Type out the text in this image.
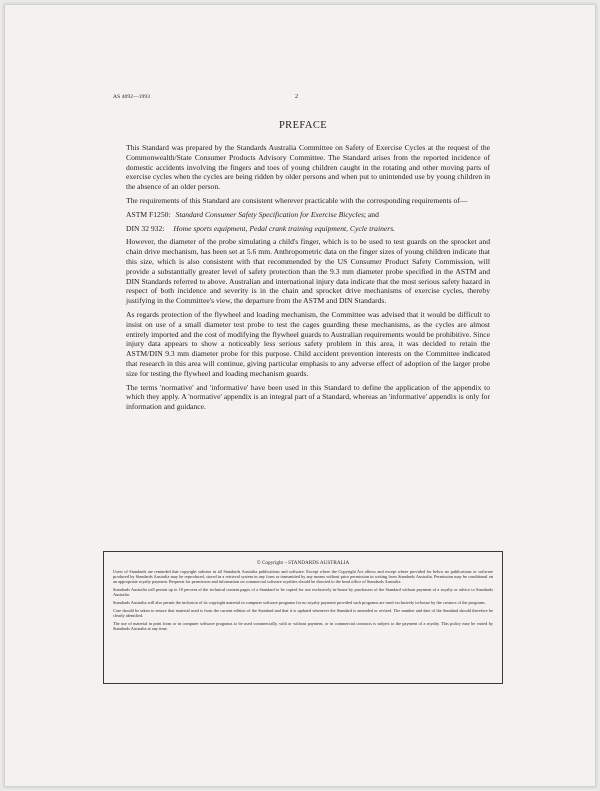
AS 4092—1993	2
PREFACE

This Standard was prepared by the Standards Australia Committee on Safety of Exercise Cycles at the request of the Commonwealth/State Consumer Products Advisory Committee. The Standard arises from the reported incidence of domestic accidents involving the fingers and toes of young children caught in the rotating and other moving parts of exercise cycles when the cycles are being ridden by older persons and when put to unintended use by young children in the absence of an older person.

The requirements of this Standard are consistent wherever practicable with the corresponding requirements of—

ASTM F1250: Standard Consumer Safety Specification for Exercise Bicycles ; and
DIN 32 932: Home sports equipment, Pedal crank training equipment, Cycle trainers.

However, the diameter of the probe simulating a child's finger, which is to be used to test guards on the sprocket and chain drive mechanism, has been set at 5.6 mm. Anthropometric data on the finger sizes of young children indicate that this size, which is also consistent with that recommended by the US Consumer Product Safety Commission, will provide a substantially greater level of safety protection than the 9.3 mm diameter probe specified in the ASTM and DIN Standards referred to above. Australian and international injury data indicate that the most serious safety hazard in respect of both incidence and severity is in the chain and sprocket drive mechanisms of exercise cycles, thereby justifying in the Committee's view, the departure from the ASTM and DIN Standards.

As regards protection of the flywheel and loading mechanism, the Committee was advised that it would be difficult to insist on use of a small diameter test probe to test the cages guarding these mechanisms, as the cycles are almost entirely imported and the cost of modifying the flywheel guards to Australian requirements would be prohibitive. Since injury data appears to show a noticeably less serious safety problem in this area, it was decided to retain the ASTM/DIN 9.3 mm diameter probe for this purpose. Child accident prevention interests on the Committee indicated that research in this area will continue, giving particular emphasis to any adverse effect of adoption of the larger probe size for testing the flywheel and loading mechanism guards.

The terms 'normative' and 'informative' have been used in this Standard to define the application of the appendix to which they apply. A 'normative' appendix is an integral part of a Standard, whereas an 'informative' appendix is only for information and guidance.

© Copyright – STANDARDS AUSTRALIA

Users of Standards are reminded that copyright subsists in all Standards Australia publications and software. Except where the Copyright Act allows and except where provided for below no publications or software produced by Standards Australia may be reproduced, stored in a retrieval system in any form or transmitted by any means without prior permission in writing from Standards Australia. Permission may be conditional on an appropriate royalty payment. Requests for permission and information on commercial software royalties should be directed to the head office of Standards Australia.

Standards Australia will permit up to 10 percent of the technical content pages of a Standard to be copied for use exclusively in-house by purchasers of the Standard without payment of a royalty or advice to Standards Australia.

Standards Australia will also permit the inclusion of its copyright material in computer software programs for no royalty payment provided such programs are used exclusively in-house by the creators of the programs.

Care should be taken to ensure that material used is from the current edition of the Standard and that it is updated whenever the Standard is amended or revised. The number and date of the Standard should therefore be clearly identified.

The use of material in print form or in computer software programs to be used commercially, with or without payment, or in commercial contracts is subject to the payment of a royalty. This policy may be varied by Standards Australia at any time.
